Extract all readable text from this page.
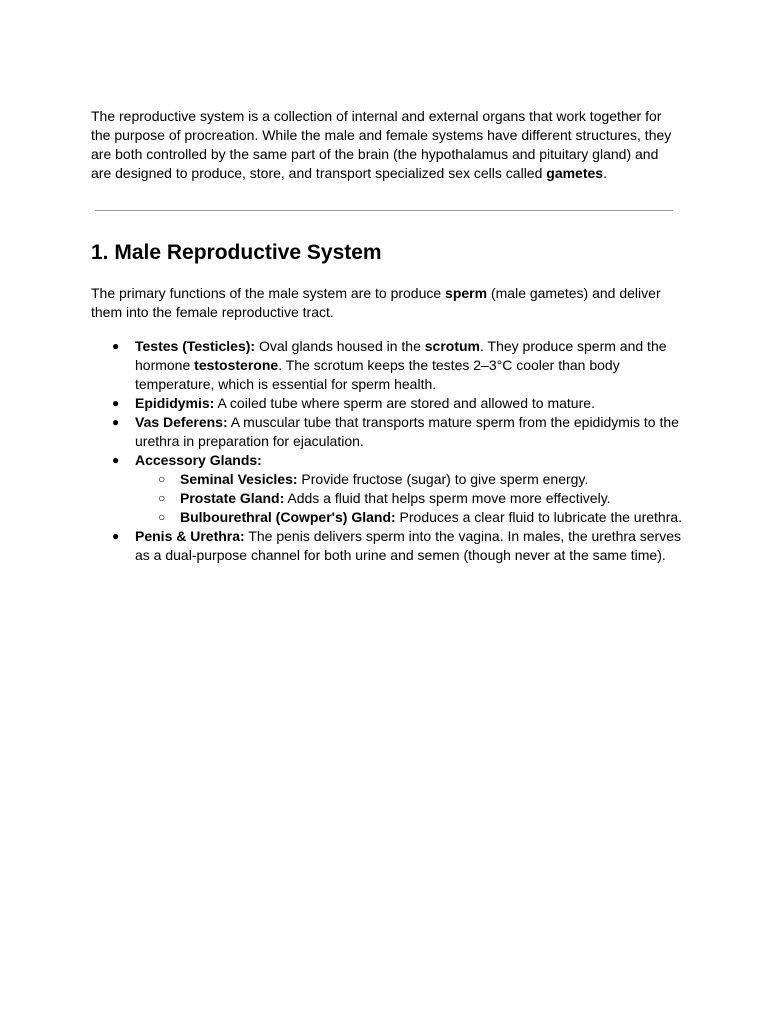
The reproductive system is a collection of internal and external organs that work together for the purpose of procreation. While the male and female systems have different structures, they are both controlled by the same part of the brain (the hypothalamus and pituitary gland) and are designed to produce, store, and transport specialized sex cells called gametes.

1. Male Reproductive System

The primary functions of the male system are to produce sperm (male gametes) and deliver them into the female reproductive tract.

● Testes (Testicles): Oval glands housed in the scrotum. They produce sperm and the hormone testosterone. The scrotum keeps the testes 2–3°C cooler than body temperature, which is essential for sperm health.
● Epididymis: A coiled tube where sperm are stored and allowed to mature.
● Vas Deferens: A muscular tube that transports mature sperm from the epididymis to the urethra in preparation for ejaculation.
● Accessory Glands:
○ Seminal Vesicles: Provide fructose (sugar) to give sperm energy.
○ Prostate Gland: Adds a fluid that helps sperm move more effectively.
○ Bulbourethral (Cowper's) Gland: Produces a clear fluid to lubricate the urethra.
● Penis & Urethra: The penis delivers sperm into the vagina. In males, the urethra serves as a dual-purpose channel for both urine and semen (though never at the same time).
